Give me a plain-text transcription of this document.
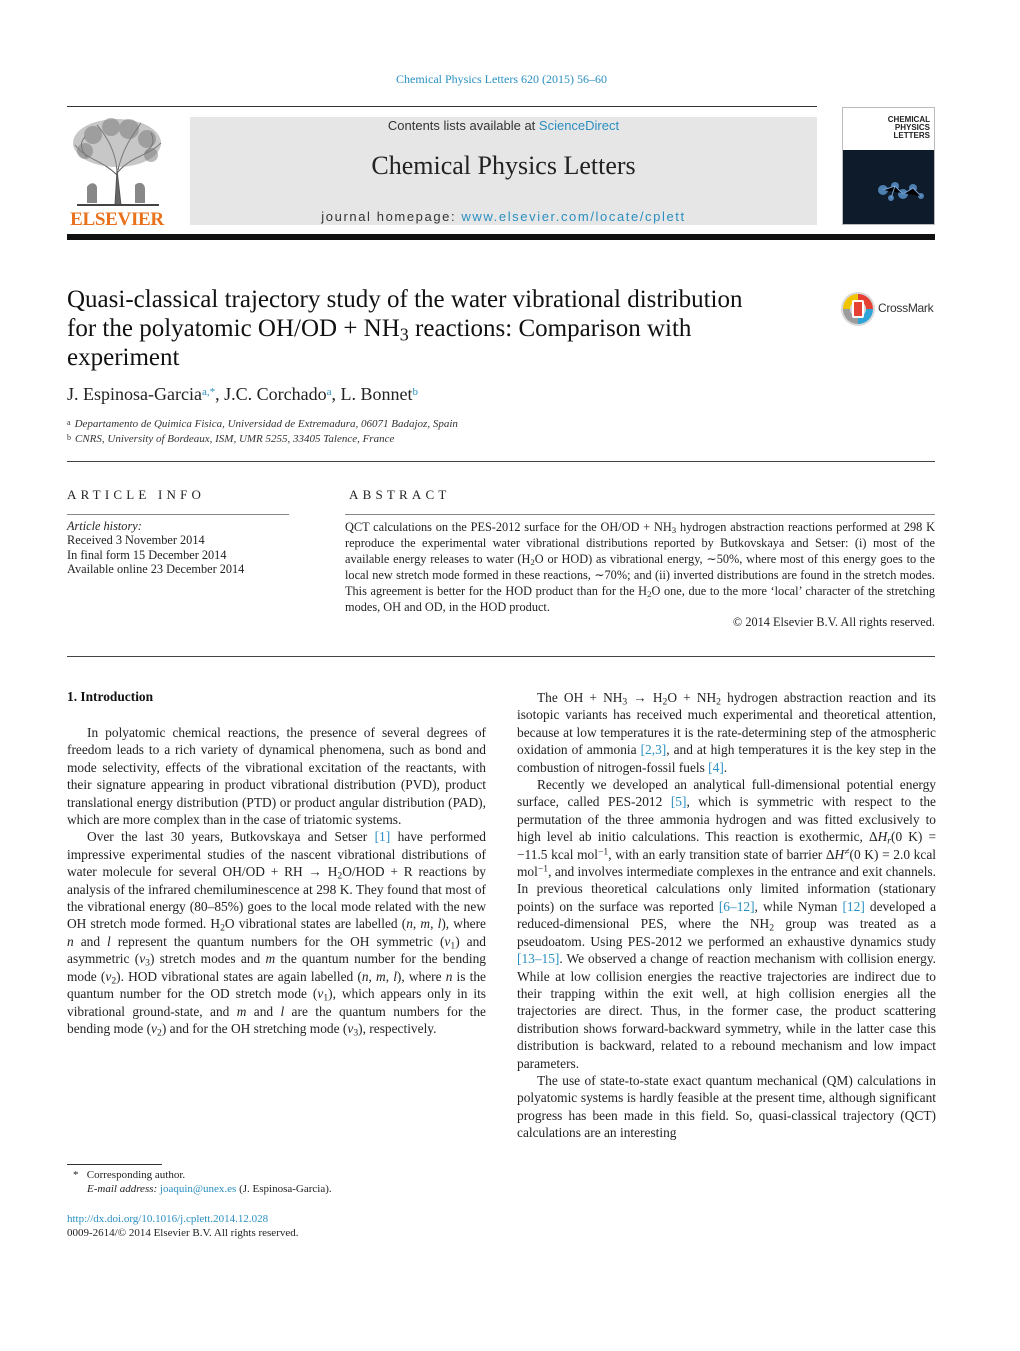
Chemical Physics Letters 620 (2015) 56–60
ELSEVIER
Contents lists available at ScienceDirect
Chemical Physics Letters
journal homepage: www.elsevier.com/locate/cplett
CHEMICAL
PHYSICS
LETTERS
Quasi-classical trajectory study of the water vibrational distribution
for the polyatomic $OH/OD + NH_3$ reactions: Comparison with
experiment
CrossMark
J. Espinosa-Garcia$^{a,*}$, J.C. Corchado$^a$, L. Bonnet$^b$
a Departamento de Quimica Fisica, Universidad de Extremadura, 06071 Badajoz, Spain
b CNRS, University of Bordeaux, ISM, UMR 5255, 33405 Talence, France
ARTICLE INFO	ABSTRACT
Article history:
Received 3 November 2014
In final form 15 December 2014
Available online 23 December 2014
QCT calculations on the PES-2012 surface for the $OH/OD + NH_3$ hydrogen abstraction reactions performed at 298 K reproduce the experimental water vibrational distributions reported by Butkovskaya and Setser: (i) most of the available energy releases to water ($H_2O$ or HOD) as vibrational energy, ∼50%, where most of this energy goes to the local new stretch mode formed in these reactions, ∼70%; and (ii) inverted distributions are found in the stretch modes. This agreement is better for the HOD product than for the $H_2O$ one, due to the more ‘local’ character of the stretching modes, OH and OD, in the HOD product.
© 2014 Elsevier B.V. All rights reserved.
1. Introduction

In polyatomic chemical reactions, the presence of several degrees of freedom leads to a rich variety of dynamical phenomena, such as bond and mode selectivity, effects of the vibrational excitation of the reactants, with their signature appearing in product vibrational distribution (PVD), product translational energy distribution (PTD) or product angular distribution (PAD), which are more complex than in the case of triatomic systems.

Over the last 30 years, Butkovskaya and Setser [1] have performed impressive experimental studies of the nascent vibrational distributions of water molecule for several OH/OD + RH → $H_2O$/HOD + R reactions by analysis of the infrared chemiluminescence at 298 K. They found that most of the vibrational energy (80–85%) goes to the local mode related with the new OH stretch mode formed. $H_2O$ vibrational states are labelled (n, m, l), where n and l represent the quantum numbers for the OH symmetric $(\nu_1)$ and asymmetric $(\nu_3)$ stretch modes and m the quantum number for the bending mode $(\nu_2)$. HOD vibrational states are again labelled (n, m, l), where n is the quantum number for the OD stretch mode $(\nu_1)$, which appears only in its vibrational ground-state, and m and l are the quantum numbers for the bending mode $(\nu_2)$ and for the OH stretching mode $(\nu_3)$, respectively.

The OH + $NH_3 \to H_2O + NH_2$ hydrogen abstraction reaction and its isotopic variants has received much experimental and theoretical attention, because at low temperatures it is the rate-determining step of the atmospheric oxidation of ammonia [2,3], and at high temperatures it is the key step in the combustion of nitrogen-fossil fuels [4].

Recently we developed an analytical full-dimensional potential energy surface, called PES-2012 [5], which is symmetric with respect to the permutation of the three ammonia hydrogen and was fitted exclusively to high level ab initio calculations. This reaction is exothermic, $\Delta H_r(0$ K) = −11.5 kcal mol$^{-1}$, with an early transition state of barrier ΔH≠(0 K) = 2.0 kcal mol$^{-1}$, and involves intermediate complexes in the entrance and exit channels. In previous theoretical calculations only limited information (stationary points) on the surface was reported [6–12], while Nyman [12] developed a reduced-dimensional PES, where the $NH_2$ group was treated as a pseudoatom. Using PES-2012 we performed an exhaustive dynamics study [13–15]. We observed a change of reaction mechanism with collision energy. While at low collision energies the reactive trajectories are indirect due to their trapping within the exit well, at high collision energies all the trajectories are direct. Thus, in the former case, the product scattering distribution shows forward-backward symmetry, while in the latter case this distribution is backward, related to a rebound mechanism and low impact parameters.

The use of state-to-state exact quantum mechanical (QM) calculations in polyatomic systems is hardly feasible at the present time, although significant progress has been made in this field. So, quasi-classical trajectory (QCT) calculations are an interesting

* Corresponding author.
E-mail address: joaquin@unex.es (J. Espinosa-Garcia).
http://dx.doi.org/10.1016/j.cplett.2014.12.028
0009-2614/© 2014 Elsevier B.V. All rights reserved.
